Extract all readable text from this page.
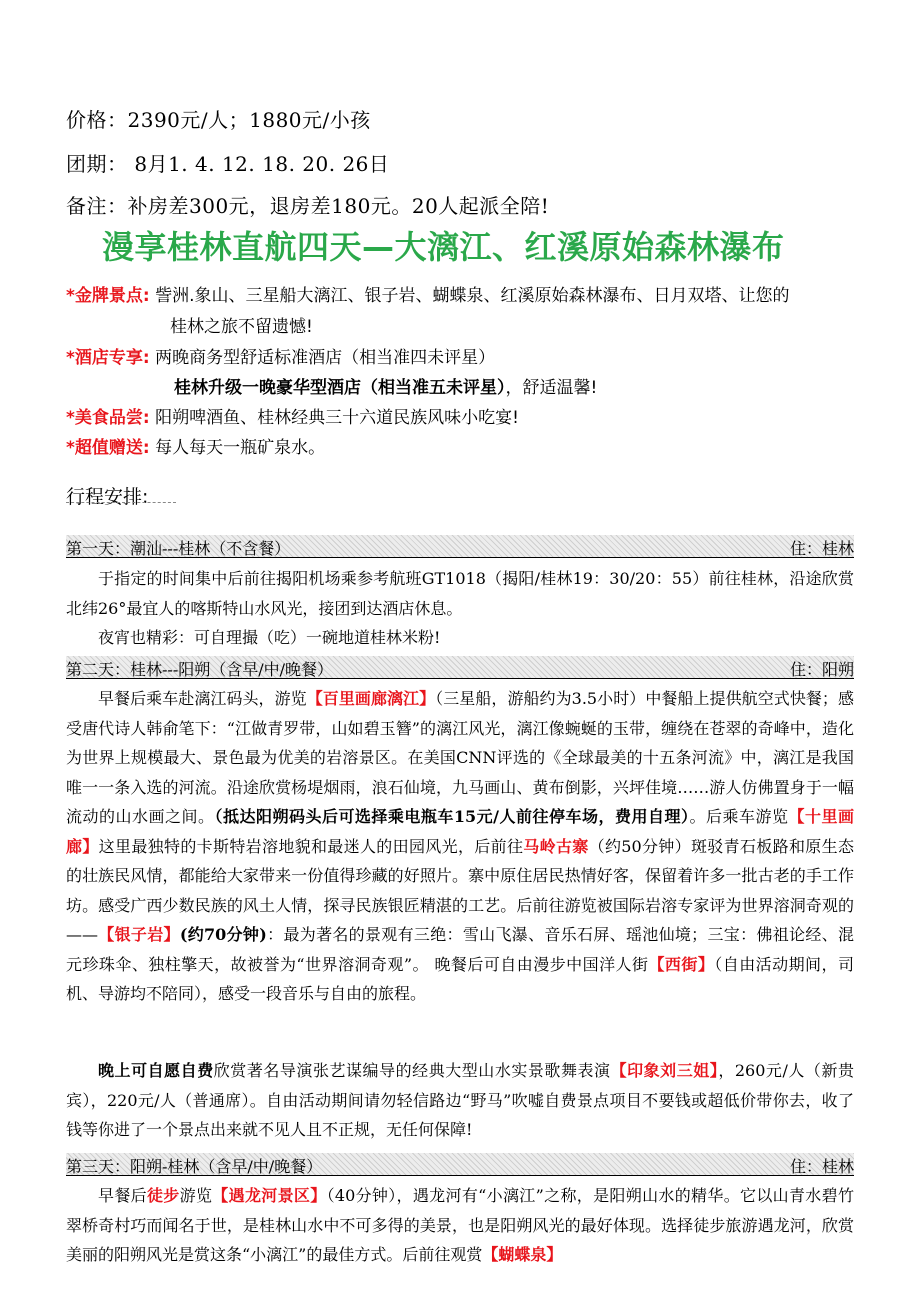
价格：2390元/人；1880元/小孩
团期： 8月1. 4. 12. 18. 20. 26日
备注：补房差300元，退房差180元。20人起派全陪!
漫享桂林直航四天—大漓江、红溪原始森林瀑布
*金牌景点: 訾洲.象山、三星船大漓江、银子岩、蝴蝶泉、红溪原始森林瀑布、日月双塔、让您的
桂林之旅不留遗憾!
*酒店专享: 两晚商务型舒适标准酒店（相当准四未评星）
桂林升级一晚豪华型酒店（相当准五未评星），舒适温馨!
*美食品尝: 阳朔啤酒鱼、桂林经典三十六道民族风味小吃宴!
*超值赠送: 每人每天一瓶矿泉水。
行程安排:
第一天：潮汕---桂林（不含餐）	住：桂林
于指定的时间集中后前往揭阳机场乘参考航班GT1018（揭阳/桂林19：30/20：55）前往桂林，沿途欣赏北纬26°最宜人的喀斯特山水风光，接团到达酒店休息。
夜宵也精彩：可自理撮（吃）一碗地道桂林米粉!
第二天：桂林---阳朔（含早/中/晚餐）	住：阳朔
早餐后乘车赴漓江码头，游览【百里画廊漓江】（三星船，游船约为3.5小时）中餐船上提供航空式快餐；感受唐代诗人韩俞笔下：“江做青罗带，山如碧玉簪”的漓江风光，漓江像蜿蜒的玉带，缠绕在苍翠的奇峰中，造化为世界上规模最大、景色最为优美的岩溶景区。在美国CNN评选的《全球最美的十五条河流》中，漓江是我国唯一一条入选的河流。沿途欣赏杨堤烟雨，浪石仙境，九马画山、黄布倒影，兴坪佳境……游人仿佛置身于一幅流动的山水画之间。（抵达阳朔码头后可选择乘电瓶车15元/人前往停车场，费用自理）。后乘车游览【十里画廊】这里最独特的卡斯特岩溶地貌和最迷人的田园风光，后前往马岭古寨（约50分钟）斑驳青石板路和原生态的壮族民风情，都能给大家带来一份值得珍藏的好照片。寨中原住居民热情好客，保留着许多一批古老的手工作坊。感受广西少数民族的风土人情，探寻民族银匠精湛的工艺。后前往游览被国际岩溶专家评为世界溶洞奇观的——【银子岩】(约70分钟)：最为著名的景观有三绝：雪山飞瀑、音乐石屏、瑶池仙境；三宝：佛祖论经、混元珍珠伞、独柱擎天，故被誉为“世界溶洞奇观”。 晚餐后可自由漫步中国洋人街【西街】（自由活动期间，司机、导游均不陪同），感受一段音乐与自由的旅程。
晚上可自愿自费欣赏著名导演张艺谋编导的经典大型山水实景歌舞表演【印象刘三姐】，260元/人（新贵宾），220元/人（普通席）。自由活动期间请勿轻信路边“野马”吹嘘自费景点项目不要钱或超低价带你去，收了钱等你进了一个景点出来就不见人且不正规，无任何保障!
第三天：阳朔-桂林（含早/中/晚餐）	住：桂林
早餐后徒步游览【遇龙河景区】（40分钟），遇龙河有“小漓江”之称，是阳朔山水的精华。它以山青水碧竹翠桥奇村巧而闻名于世，是桂林山水中不可多得的美景，也是阳朔风光的最好体现。选择徒步旅游遇龙河，欣赏美丽的阳朔风光是赏这条“小漓江”的最佳方式。后前往观赏【蝴蝶泉】
